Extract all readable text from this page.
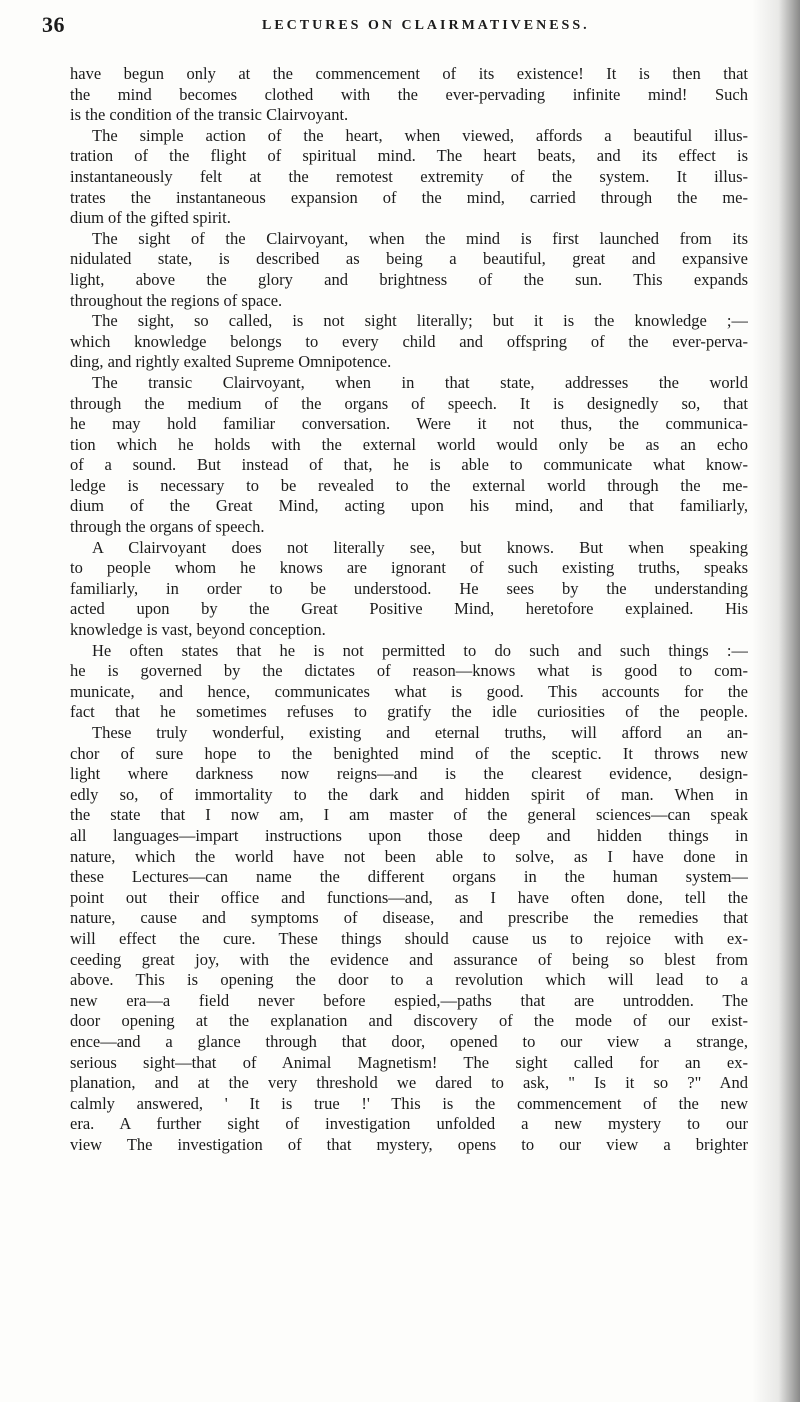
36	LECTURES ON CLAIRMATIVENESS.
have begun only at the commencement of its existence! It is then that
the mind becomes clothed with the ever-pervading infinite mind! Such
is the condition of the transic Clairvoyant.
The simple action of the heart, when viewed, affords a beautiful illus-
tration of the flight of spiritual mind. The heart beats, and its effect is
instantaneously felt at the remotest extremity of the system. It illus-
trates the instantaneous expansion of the mind, carried through the me-
dium of the gifted spirit.
The sight of the Clairvoyant, when the mind is first launched from its
nidulated state, is described as being a beautiful, great and expansive
light, above the glory and brightness of the sun. This expands
throughout the regions of space.
The sight, so called, is not sight literally; but it is the knowledge ;—
which knowledge belongs to every child and offspring of the ever-perva-
ding, and rightly exalted Supreme Omnipotence.
The transic Clairvoyant, when in that state, addresses the world
through the medium of the organs of speech. It is designedly so, that
he may hold familiar conversation. Were it not thus, the communica-
tion which he holds with the external world would only be as an echo
of a sound. But instead of that, he is able to communicate what know-
ledge is necessary to be revealed to the external world through the me-
dium of the Great Mind, acting upon his mind, and that familiarly,
through the organs of speech.
A Clairvoyant does not literally see, but knows. But when speaking
to people whom he knows are ignorant of such existing truths, speaks
familiarly, in order to be understood. He sees by the understanding
acted upon by the Great Positive Mind, heretofore explained. His
knowledge is vast, beyond conception.
He often states that he is not permitted to do such and such things :—
he is governed by the dictates of reason—knows what is good to com-
municate, and hence, communicates what is good. This accounts for the
fact that he sometimes refuses to gratify the idle curiosities of the people.
These truly wonderful, existing and eternal truths, will afford an an-
chor of sure hope to the benighted mind of the sceptic. It throws new
light where darkness now reigns—and is the clearest evidence, design-
edly so, of immortality to the dark and hidden spirit of man. When in
the state that I now am, I am master of the general sciences—can speak
all languages—impart instructions upon those deep and hidden things in
nature, which the world have not been able to solve, as I have done in
these Lectures—can name the different organs in the human system—
point out their office and functions—and, as I have often done, tell the
nature, cause and symptoms of disease, and prescribe the remedies that
will effect the cure. These things should cause us to rejoice with ex-
ceeding great joy, with the evidence and assurance of being so blest from
above. This is opening the door to a revolution which will lead to a
new era—a field never before espied,—paths that are untrodden. The
door opening at the explanation and discovery of the mode of our exist-
ence—and a glance through that door, opened to our view a strange,
serious sight—that of Animal Magnetism! The sight called for an ex-
planation, and at the very threshold we dared to ask, " Is it so ?" And
calmly answered, ' It is true !' This is the commencement of the new
era. A further sight of investigation unfolded a new mystery to our
view The investigation of that mystery, opens to our view a brighter
